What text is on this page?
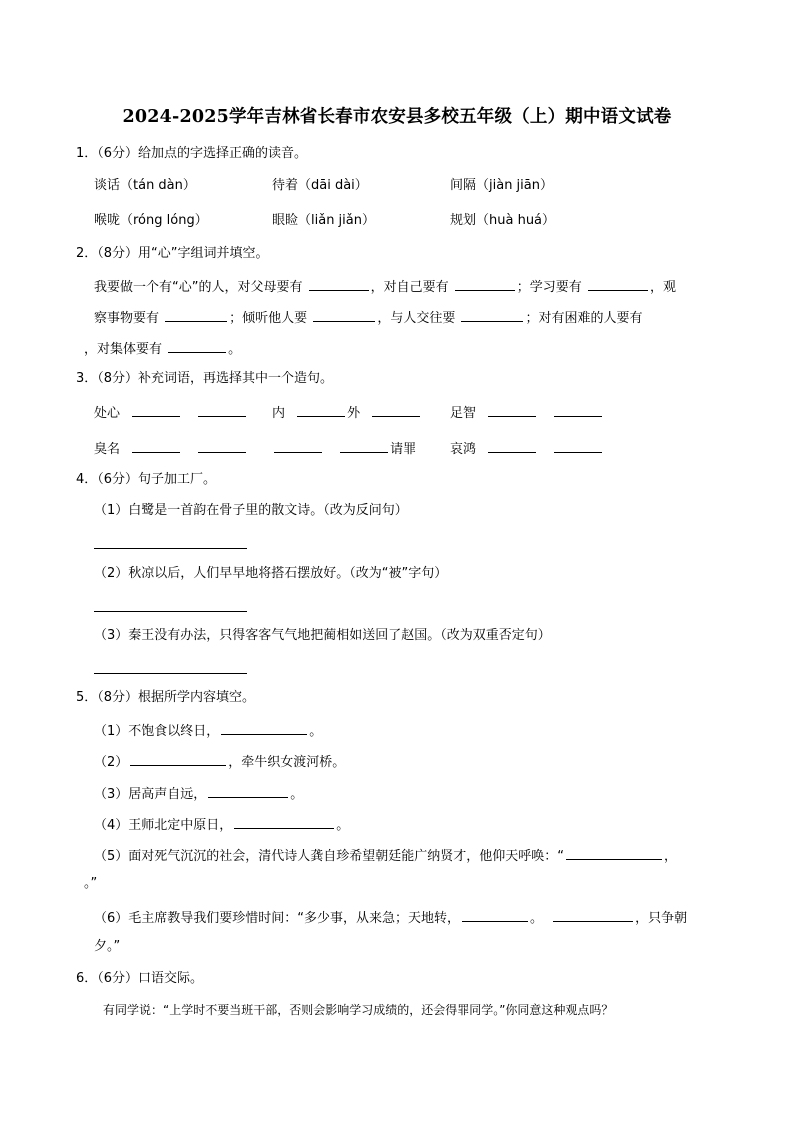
2024-2025学年吉林省长春市农安县多校五年级（上）期中语文试卷
1．（6分）给加点的字选择正确的读音。
谈话（tán dàn）	待着（dāi dài）	间隔（jiàn jiān）
喉咙（róng lóng）	眼睑（liǎn jiǎn）	规划（huà huá）
2．（8分）用“心”字组词并填空。
我要做一个有“心”的人，对父母要有	，对自己要有	；学习要有	，观
察事物要有	；倾听他人要	，与人交往要	；对有困难的人要有
，对集体要有	。
3．（8分）补充词语，再选择其中一个造句。
处心	内	外	足智
臭名	请罪	哀鸿
4．（6分）句子加工厂。
（1）白鹭是一首韵在骨子里的散文诗。（改为反问句）
（2）秋凉以后，人们早早地将搭石摆放好。（改为“被”字句）
（3）秦王没有办法，只得客客气气地把蔺相如送回了赵国。（改为双重否定句）
5．（8分）根据所学内容填空。
（1）不饱食以终日，	。
（2）	，牵牛织女渡河桥。
（3）居高声自远，	。
（4）王师北定中原日，	。
（5）面对死气沉沉的社会，清代诗人龚自珍希望朝廷能广纳贤才，他仰天呼唤：“	，
。”
（6）毛主席教导我们要珍惜时间：“多少事，从来急；天地转，	。	，只争朝
夕。”
6．（6分）口语交际。
有同学说：“上学时不要当班干部，否则会影响学习成绩的，还会得罪同学。”你同意这种观点吗？
